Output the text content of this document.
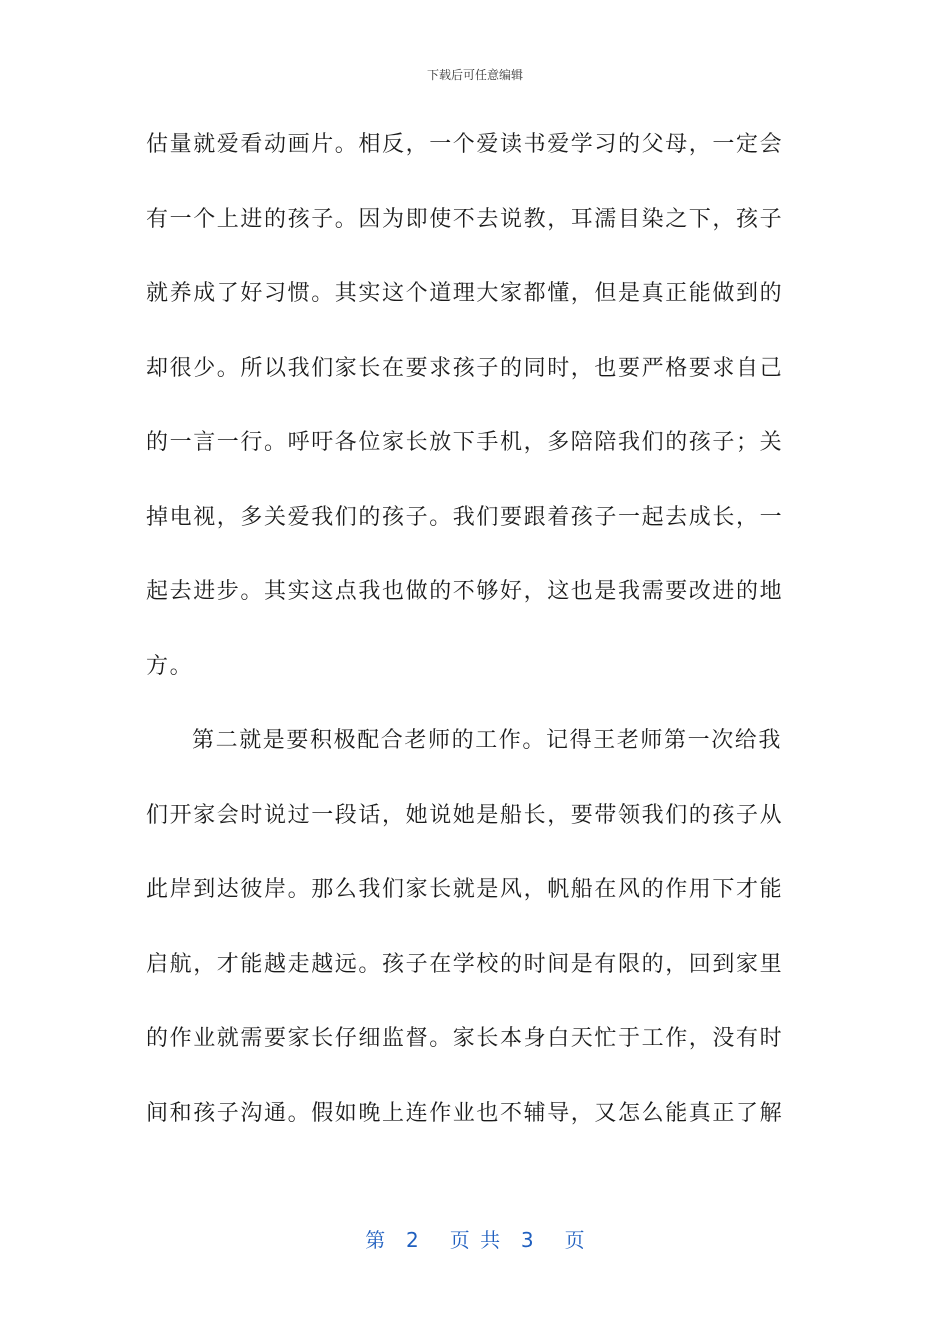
下载后可任意编辑
估量就爱看动画片。相反，一个爱读书爱学习的父母，一定会
有一个上进的孩子。因为即使不去说教，耳濡目染之下，孩子
就养成了好习惯。其实这个道理大家都懂，但是真正能做到的
却很少。所以我们家长在要求孩子的同时，也要严格要求自己
的一言一行。呼吁各位家长放下手机，多陪陪我们的孩子；关
掉电视，多关爱我们的孩子。我们要跟着孩子一起去成长，一
起去进步。其实这点我也做的不够好，这也是我需要改进的地
方。
第二就是要积极配合老师的工作。记得王老师第一次给我
们开家会时说过一段话，她说她是船长，要带领我们的孩子从
此岸到达彼岸。那么我们家长就是风，帆船在风的作用下才能
启航，才能越走越远。孩子在学校的时间是有限的，回到家里
的作业就需要家长仔细监督。家长本身白天忙于工作，没有时
间和孩子沟通。假如晚上连作业也不辅导，又怎么能真正了解
第  2   页 共  3   页
